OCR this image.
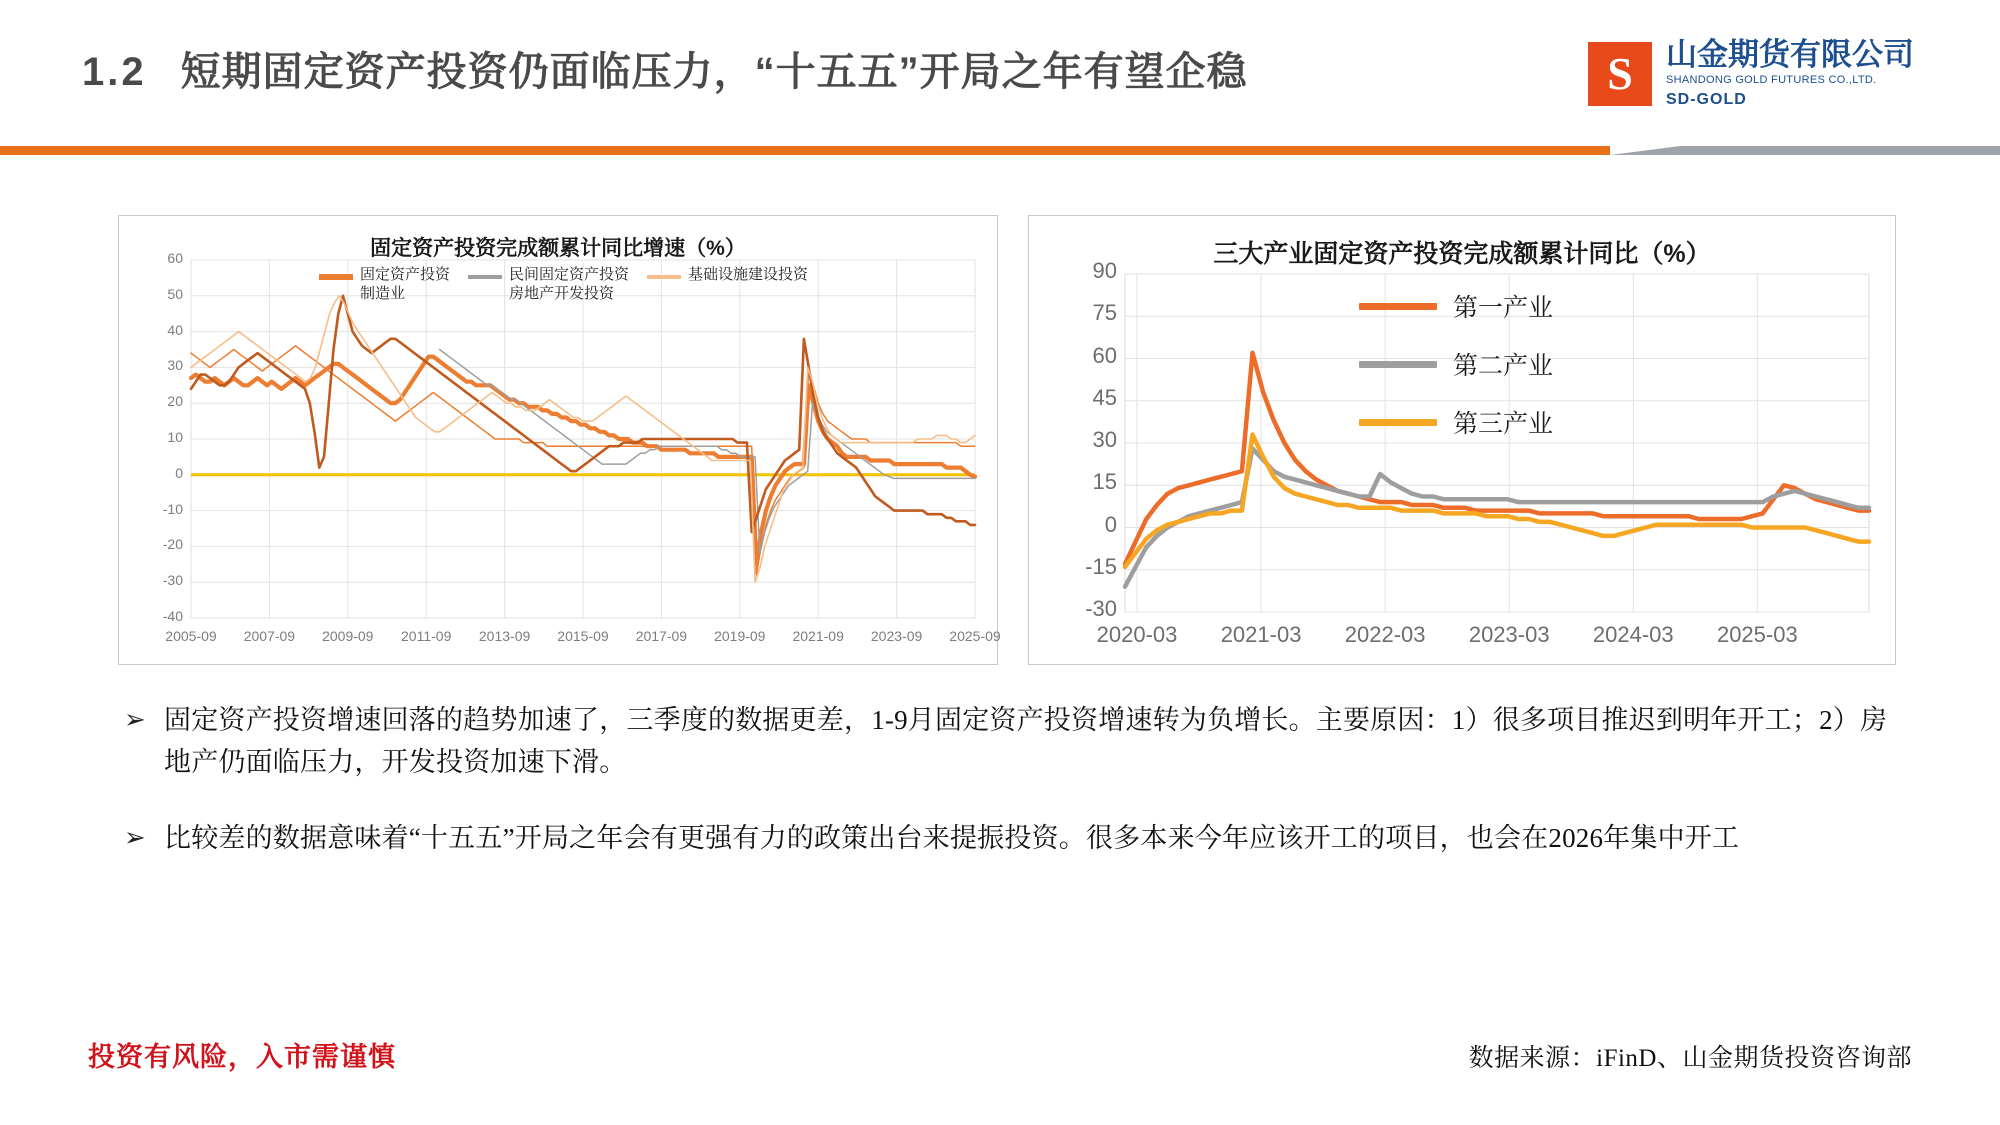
1.2 短期固定资产投资仍面临压力，“十五五”开局之年有望企稳	S	山金期货有限公司
SHANDONG GOLD FUTURES CO.,LTD.
SD-GOLD
固定资产投资完成额累计同比增速（%）
60
50
40
30
20
10
0
-10
-20
-30
-40
2005-09	2007-09	2009-09	2011-09	2013-09	2015-09	2017-09	2019-09	2021-09	2023-09	2025-09
固定资产投资
制造业
民间固定资产投资
房地产开发投资
基础设施建设投资
三大产业固定资产投资完成额累计同比（%）
90
75
60
45
30
15
0
-15
-30
2020-03	2021-03	2022-03	2023-03	2024-03	2025-03
第一产业
第二产业
第三产业
➢ 固定资产投资增速回落的趋势加速了，三季度的数据更差，1-9月固定资产投资增速转为负增长。主要原因：1）很多项目推迟到明年开工；2）房地产仍面临压力，开发投资加速下滑。
➢ 比较差的数据意味着“十五五”开局之年会有更强有力的政策出台来提振投资。很多本来今年应该开工的项目，也会在2026年集中开工
投资有风险，入市需谨慎	数据来源：iFinD、山金期货投资咨询部
